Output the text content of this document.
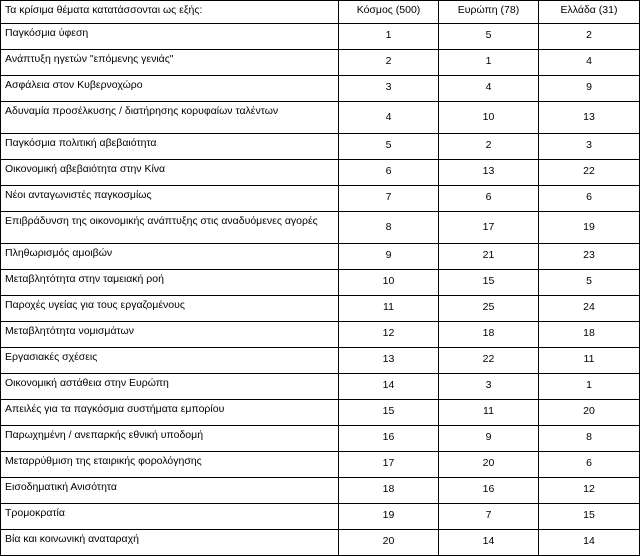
Τα κρίσιμα θέματα κατατάσσονται ως εξής:	Κόσμος (500)	Ευρώπη (78)	Ελλάδα (31)
Παγκόσμια ύφεση	1	5	2
Ανάπτυξη ηγετών "επόμενης γενιάς"	2	1	4
Ασφάλεια στον Κυβερνοχώρο	3	4	9
Αδυναμία προσέλκυσης / διατήρησης κορυφαίων ταλέντων	4	10	13
Παγκόσμια πολιτική αβεβαιότητα	5	2	3
Οικονομική αβεβαιότητα στην Κίνα	6	13	22
Νέοι ανταγωνιστές παγκοσμίως	7	6	6
Επιβράδυνση της οικονομικής ανάπτυξης στις αναδυόμενες αγορές	8	17	19
Πληθωρισμός αμοιβών	9	21	23
Μεταβλητότητα στην ταμειακή ροή	10	15	5
Παροχές υγείας για τους εργαζομένους	11	25	24
Μεταβλητότητα νομισμάτων	12	18	18
Εργασιακές σχέσεις	13	22	11
Οικονομική αστάθεια στην Ευρώπη	14	3	1
Απειλές για τα παγκόσμια συστήματα εμπορίου	15	11	20
Παρωχημένη / ανεπαρκής εθνική υποδομή	16	9	8
Μεταρρύθμιση της εταιρικής φορολόγησης	17	20	6
Εισοδηματική Ανισότητα	18	16	12
Τρομοκρατία	19	7	15
Βία και κοινωνική αναταραχή	20	14	14
